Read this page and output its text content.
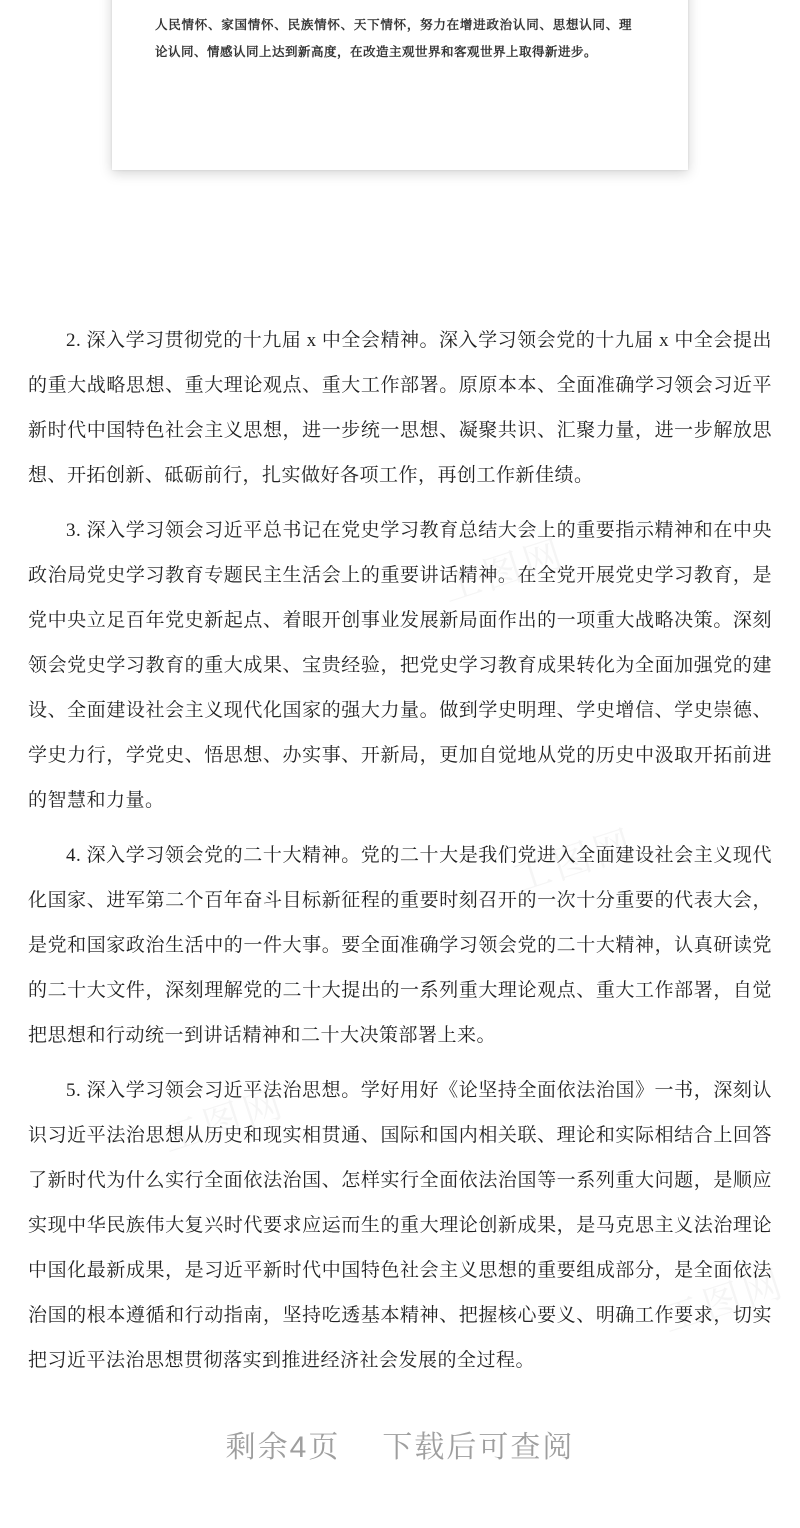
人民情怀、家国情怀、民族情怀、天下情怀，努力在增进政治认同、思想认同、理论认同、情感认同上达到新高度，在改造主观世界和客观世界上取得新进步。

工图网
工图网
工图网
工图网

2. 深入学习贯彻党的十九届 x 中全会精神。深入学习领会党的十九届 x 中全会提出的重大战略思想、重大理论观点、重大工作部署。原原本本、全面准确学习领会习近平新时代中国特色社会主义思想，进一步统一思想、凝聚共识、汇聚力量，进一步解放思想、开拓创新、砥砺前行，扎实做好各项工作，再创工作新佳绩。

3. 深入学习领会习近平总书记在党史学习教育总结大会上的重要指示精神和在中央政治局党史学习教育专题民主生活会上的重要讲话精神。在全党开展党史学习教育，是党中央立足百年党史新起点、着眼开创事业发展新局面作出的一项重大战略决策。深刻领会党史学习教育的重大成果、宝贵经验，把党史学习教育成果转化为全面加强党的建设、全面建设社会主义现代化国家的强大力量。做到学史明理、学史增信、学史崇德、学史力行，学党史、悟思想、办实事、开新局，更加自觉地从党的历史中汲取开拓前进的智慧和力量。

4. 深入学习领会党的二十大精神。党的二十大是我们党进入全面建设社会主义现代化国家、进军第二个百年奋斗目标新征程的重要时刻召开的一次十分重要的代表大会，是党和国家政治生活中的一件大事。要全面准确学习领会党的二十大精神，认真研读党的二十大文件，深刻理解党的二十大提出的一系列重大理论观点、重大工作部署，自觉把思想和行动统一到讲话精神和二十大决策部署上来。

5. 深入学习领会习近平法治思想。学好用好《论坚持全面依法治国》一书，深刻认识习近平法治思想从历史和现实相贯通、国际和国内相关联、理论和实际相结合上回答了新时代为什么实行全面依法治国、怎样实行全面依法治国等一系列重大问题，是顺应实现中华民族伟大复兴时代要求应运而生的重大理论创新成果，是马克思主义法治理论中国化最新成果，是习近平新时代中国特色社会主义思想的重要组成部分，是全面依法治国的根本遵循和行动指南，坚持吃透基本精神、把握核心要义、明确工作要求，切实把习近平法治思想贯彻落实到推进经济社会发展的全过程。

剩余4页 下载后可查阅
